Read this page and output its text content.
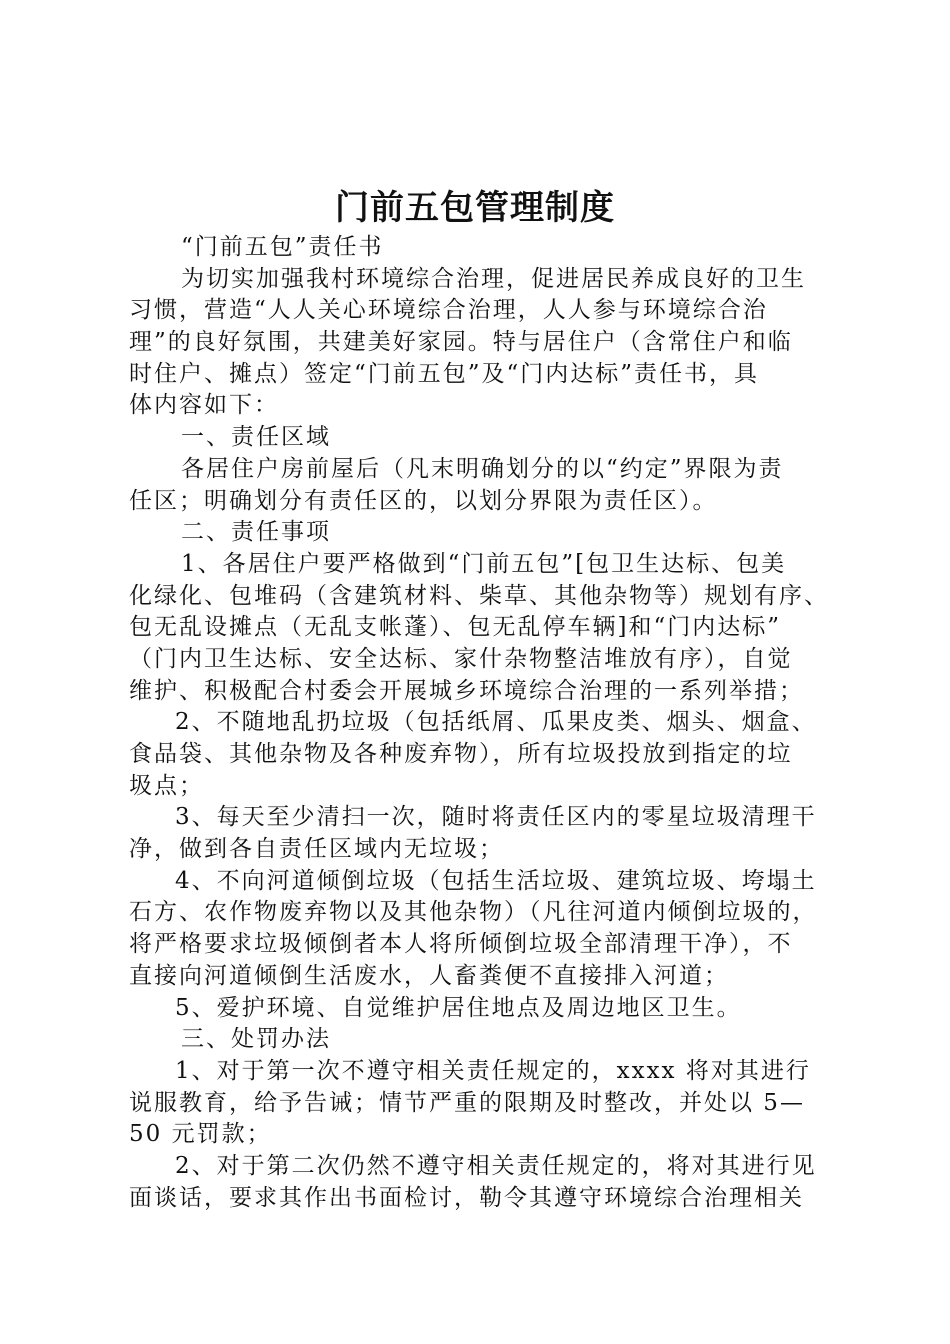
门前五包管理制度
“门前五包”责任书
为切实加强我村环境综合治理，促进居民养成良好的卫生
习惯，营造“人人关心环境综合治理，人人参与环境综合治
理”的良好氛围，共建美好家园。特与居住户（含常住户和临
时住户、摊点）签定“门前五包”及“门内达标”责任书，具
体内容如下：
一、责任区域
各居住户房前屋后（凡末明确划分的以“约定”界限为责
任区；明确划分有责任区的，以划分界限为责任区）。
二、责任事项
1、各居住户要严格做到“门前五包”[包卫生达标、包美
化绿化、包堆码（含建筑材料、柴草、其他杂物等）规划有序、
包无乱设摊点（无乱支帐蓬）、包无乱停车辆]和“门内达标”
（门内卫生达标、安全达标、家什杂物整洁堆放有序），自觉
维护、积极配合村委会开展城乡环境综合治理的一系列举措；
2、不随地乱扔垃圾（包括纸屑、瓜果皮类、烟头、烟盒、
食品袋、其他杂物及各种废弃物），所有垃圾投放到指定的垃
圾点；
3、每天至少清扫一次，随时将责任区内的零星垃圾清理干
净，做到各自责任区域内无垃圾；
4、不向河道倾倒垃圾（包括生活垃圾、建筑垃圾、垮塌土
石方、农作物废弃物以及其他杂物）（凡往河道内倾倒垃圾的，
将严格要求垃圾倾倒者本人将所倾倒垃圾全部清理干净），不
直接向河道倾倒生活废水，人畜粪便不直接排入河道；
5、爱护环境、自觉维护居住地点及周边地区卫生。
三、处罚办法
1、对于第一次不遵守相关责任规定的，xxxx 将对其进行
说服教育，给予告诫；情节严重的限期及时整改，并处以 5—
50 元罚款；
2、对于第二次仍然不遵守相关责任规定的，将对其进行见
面谈话，要求其作出书面检讨，勒令其遵守环境综合治理相关
